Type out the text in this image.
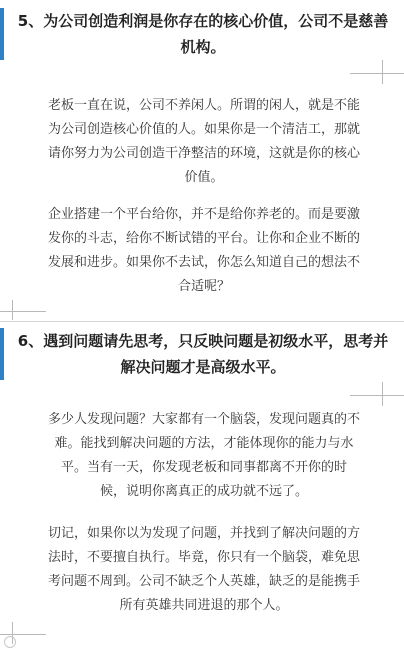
5、为公司创造利润是你存在的核心价值，公司不是慈善
机构。
老板一直在说，公司不养闲人。所谓的闲人，就是不能
为公司创造核心价值的人。如果你是一个清洁工，那就
请你努力为公司创造干净整洁的环境，这就是你的核心
价值。
企业搭建一个平台给你，并不是给你养老的。而是要激
发你的斗志，给你不断试错的平台。让你和企业不断的
发展和进步。如果你不去试，你怎么知道自己的想法不
合适呢？
6、遇到问题请先思考，只反映问题是初级水平，思考并
解决问题才是高级水平。
多少人发现问题？大家都有一个脑袋，发现问题真的不
难。能找到解决问题的方法，才能体现你的能力与水
平。当有一天，你发现老板和同事都离不开你的时
候，说明你离真正的成功就不远了。
切记，如果你以为发现了问题，并找到了解决问题的方
法时，不要擅自执行。毕竟，你只有一个脑袋，难免思
考问题不周到。公司不缺乏个人英雄，缺乏的是能携手
所有英雄共同进退的那个人。
